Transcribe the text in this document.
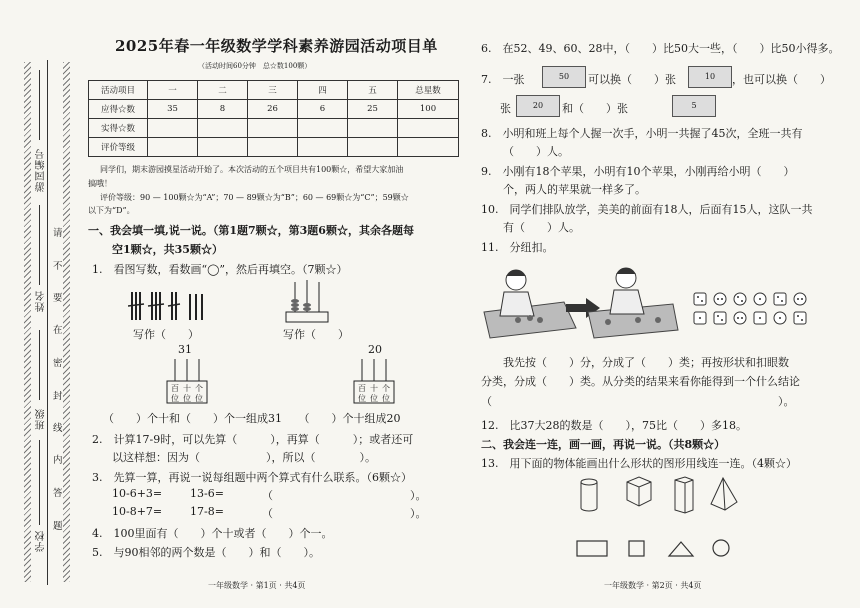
学校
班级
姓名
游园编号
请
不
要
在
密
封
线
内
答
题
2025年春一年级数学学科素养游园活动项目单
（活动时间60分钟　总☆数100颗）
活动项目	一	二	三	四	五	总星数
应得☆数	35	8	26	6	25	100
实得☆数						
评价等级						
同学们，期末游园摸星活动开始了。本次活动的五个项目共有100颗☆，希望大家加油
搞哦！
评价等级：90 — 100颗☆为“A”；70 — 89颗☆为“B”；60 — 69颗☆为“C”；59颗☆
以下为“D”。
一、我会填一填,说一说。（第1题7颗☆，第3题6颗☆，其余各题每
空1颗☆，共35颗☆）
1.　看图写数，看数画“◯”，然后再填空。（7颗☆）
写作（　　）	写作（　　）
31	20
百 十 个
位 位 位
百 十 个
位 位 位
（　　）个十和（　　）个一组成31　　（　　）个十组成20
2.　计算17-9时，可以先算（　　　），再算（　　　）；或者还可
以这样想：因为（　　　　　　），所以（　　　　）。
3.　先算一算，再说一说每组题中两个算式有什么联系。（6颗☆）
10-6+3=	13-6=	（	）。
10-8+7=	17-8=	（	）。
4.　100里面有（　　）个十或者（　　）个一。
5.　与90相邻的两个数是（　　）和（　　）。
一年级数学 · 第1页 · 共4页
6.　在52、49、60、28中，（　　）比50大一些，（　　）比50小得多。
7.　一张	50	可以换（　　）张	10	，也可以换（　　）
张	20	和（　　）张	5
8.　小明和班上每个人握一次手，小明一共握了45次，全班一共有
（　　）人。
9.　小刚有18个苹果，小明有10个苹果，小刚再给小明（　　）
个，两人的苹果就一样多了。
10.　同学们排队放学，美美的前面有18人，后面有15人，这队一共
有（　　）人。
11.　分纽扣。
我先按（　　）分，分成了（　　）类；再按形状和扣眼数
分类，分成（　　）类。从分类的结果来看你能得到一个什么结论
（　　　　　　　　　　　　　　　　　　　　　　　　　　）。
12.　比37大28的数是（　　），75比（　　）多18。
二、我会连一连，画一画，再说一说。（共8颗☆）
13.　用下面的物体能画出什么形状的图形用线连一连。（4颗☆）
一年级数学 · 第2页 · 共4页
